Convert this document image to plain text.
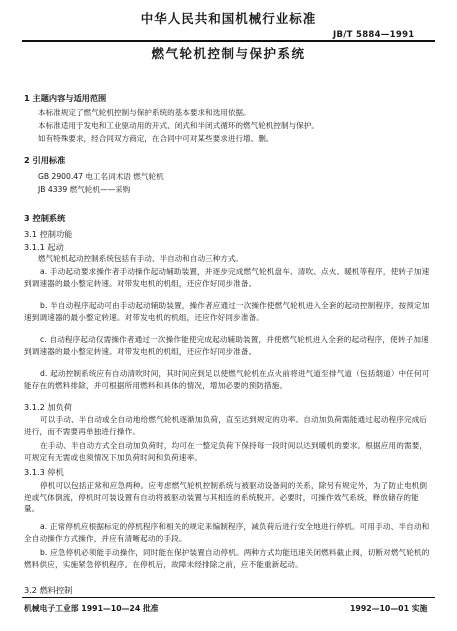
中华人民共和国机械行业标准
JB/T 5884—1991
燃气轮机控制与保护系统
1 主题内容与适用范围
本标准规定了燃气轮机控制与保护系统的基本要求和选用依据。
本标准适用于发电和工业驱动用的开式、闭式和半闭式循环的燃气轮机控制与保护。
如有特殊要求，经合同双方商定，在合同中可对某些要求进行增、删。
2 引用标准
GB 2900.47 电工名词术语 燃气轮机
JB 4339 燃气轮机——采购
3 控制系统
3.1 控制功能
3.1.1 起动
燃气轮机起动控制系统包括有手动、半自动和自动三种方式。
a. 手动起动要求操作者手动操作起动辅助装置，并逐步完成燃气轮机盘车、清吹、点火、暖机等程序，使转子加速到调速器的最小整定转速。对带发电机的机组，还应作好同步准备。
b. 半自动程序起动可由手动起动辅助装置，操作者应通过一次操作使燃气轮机进入全套的起动控制程序，按预定加速到调速器的最小整定转速。对带发电机的机组，还应作好同步准备。
c. 自动程序起动仅需操作者通过一次操作能使完成起动辅助装置，并使燃气轮机进入全套的起动程序，使转子加速到调速器的最小整定转速。对带发电机的机组，还应作好同步准备。
d. 起动控制系统应有自动清吹时间，其时间应到足以使燃气轮机在点火前将进气道至排气道（包括烟道）中任何可能存在的燃料排除，并可根据所用燃料和具体的情况，增加必要的预防措施。
3.1.2 加负荷
可以手动、半自动或全自动地给燃气轮机逐渐加负荷，直至达到规定的功率。自动加负荷需能通过起动程序完成后进行，而不需要再单独进行操作。
在手动、半自动方式全自动加负荷时，均可在一整定负荷下保持每一段时间以达到暖机的要求。根据应用的需要，可规定有无需或也须情况下加负荷时间和负荷速率。
3.1.3 停机
停机可以包括正常和应急两种。应考虑燃气轮机控制系统与被驱动设备间的关系，除另有规定外，为了防止电机倒逆或气体倒流，停机时可装设置有自动将被驱动装置与其相连的系统脱开。必要时，可操作效气系统，释放储存的能量。
a. 正常停机应根据标定的停机程序和相关的规定来编制程序，减负荷后进行安全地进行停机。可用手动、半自动和全自动操作方式操作，并应有清晰起动的手段。
b. 应急停机必须能手动操作，同时能在保护装置自动停机。两种方式均能迅速关闭燃料截止阀，切断对燃气轮机的燃料供应，实施紧急停机程序。在停机后，故障未经排除之前，应不能重新起动。
3.2 燃料控制
机械电子工业部 1991—10—24 批准	1992—10—01 实施
